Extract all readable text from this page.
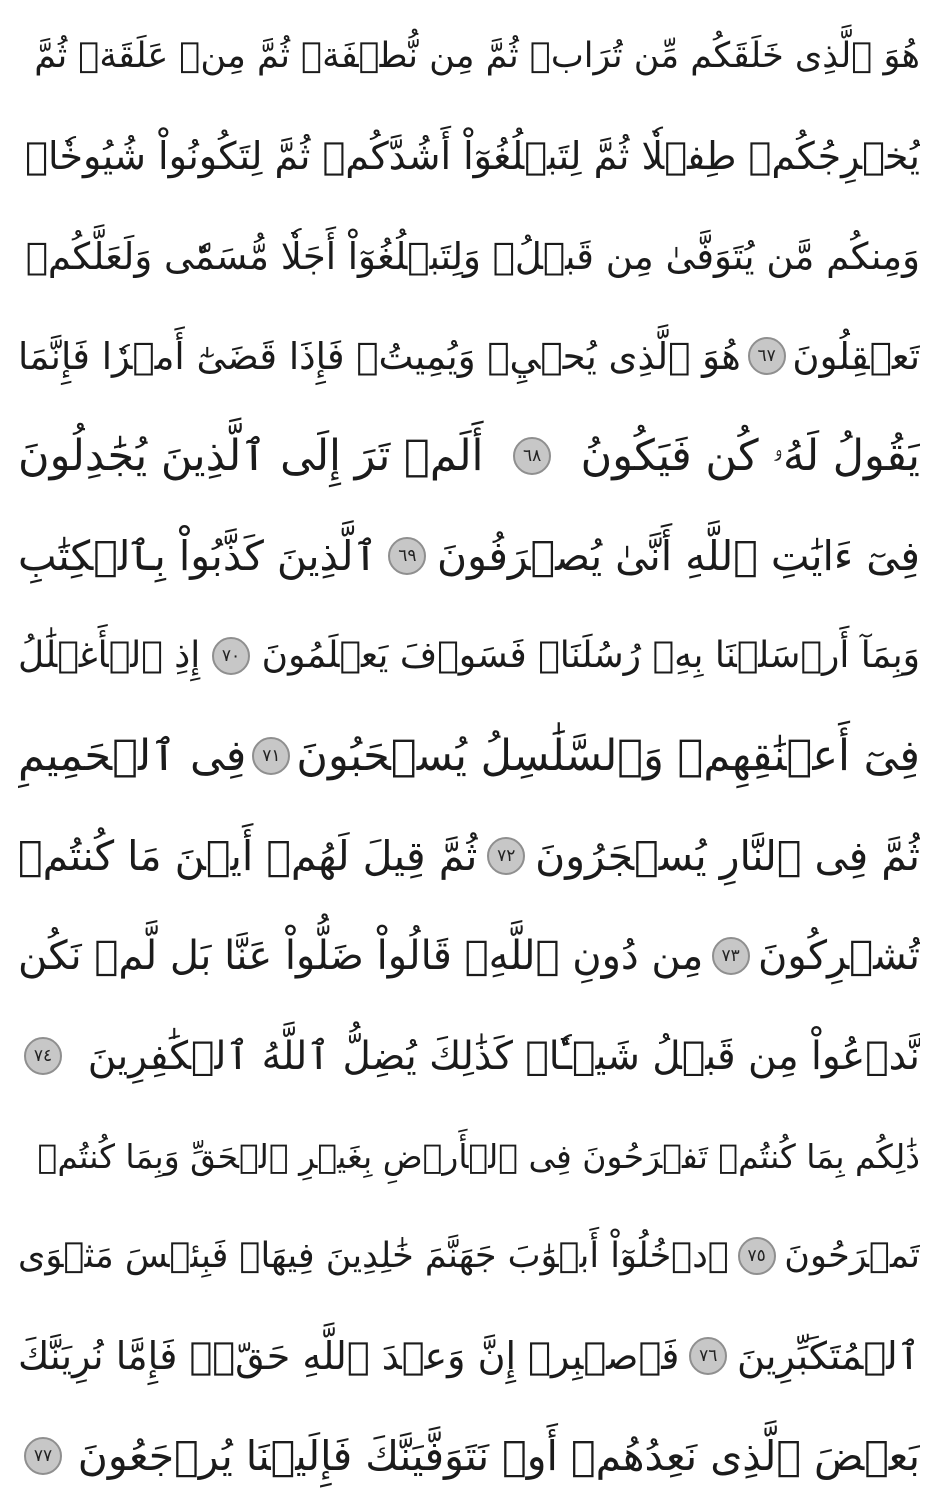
هُوَ ٱلَّذِى خَلَقَكُم مِّن تُرَابٖ ثُمَّ مِن نُّطۡفَةٖ ثُمَّ مِنۡ عَلَقَةٖ ثُمَّ
يُخۡرِجُكُمۡ طِفۡلٗا ثُمَّ لِتَبۡلُغُوٓاْ أَشُدَّكُمۡ ثُمَّ لِتَكُونُواْ شُيُوخٗاۚ
وَمِنكُم مَّن يُتَوَفَّىٰ مِن قَبۡلُۖ وَلِتَبۡلُغُوٓاْ أَجَلٗا مُّسَمّٗى وَلَعَلَّكُمۡ
تَعۡقِلُونَ
٦٧
هُوَ ٱلَّذِى يُحۡيِۦ وَيُمِيتُۖ فَإِذَا قَضَىٰٓ أَمۡرٗا فَإِنَّمَا
يَقُولُ لَهُۥ كُن فَيَكُونُ
٦٨
أَلَمۡ تَرَ إِلَى ٱلَّذِينَ يُجَٰدِلُونَ
فِىٓ ءَايَٰتِ ٱللَّهِ أَنَّىٰ يُصۡرَفُونَ
٦٩
ٱلَّذِينَ كَذَّبُواْ بِٱلۡكِتَٰبِ
وَبِمَآ أَرۡسَلۡنَا بِهِۦ رُسُلَنَاۖ فَسَوۡفَ يَعۡلَمُونَ
٧٠
إِذِ ٱلۡأَغۡلَٰلُ
فِىٓ أَعۡنَٰقِهِمۡ وَٱلسَّلَٰسِلُ يُسۡحَبُونَ
٧١
فِى ٱلۡحَمِيمِ
ثُمَّ فِى ٱلنَّارِ يُسۡجَرُونَ
٧٢
ثُمَّ قِيلَ لَهُمۡ أَيۡنَ مَا كُنتُمۡ
تُشۡرِكُونَ
٧٣
مِن دُونِ ٱللَّهِۖ قَالُواْ ضَلُّواْ عَنَّا بَل لَّمۡ نَكُن
نَّدۡعُواْ مِن قَبۡلُ شَيۡـٔٗاۚ كَذَٰلِكَ يُضِلُّ ٱللَّهُ ٱلۡكَٰفِرِينَ
٧٤
ذَٰلِكُم بِمَا كُنتُمۡ تَفۡرَحُونَ فِى ٱلۡأَرۡضِ بِغَيۡرِ ٱلۡحَقِّ وَبِمَا كُنتُمۡ
تَمۡرَحُونَ
٧٥
ٱدۡخُلُوٓاْ أَبۡوَٰبَ جَهَنَّمَ خَٰلِدِينَ فِيهَاۖ فَبِئۡسَ مَثۡوَى
ٱلۡمُتَكَبِّرِينَ
٧٦
فَٱصۡبِرۡ إِنَّ وَعۡدَ ٱللَّهِ حَقّٞۚ فَإِمَّا نُرِيَنَّكَ
بَعۡضَ ٱلَّذِى نَعِدُهُمۡ أَوۡ نَتَوَفَّيَنَّكَ فَإِلَيۡنَا يُرۡجَعُونَ
٧٧
